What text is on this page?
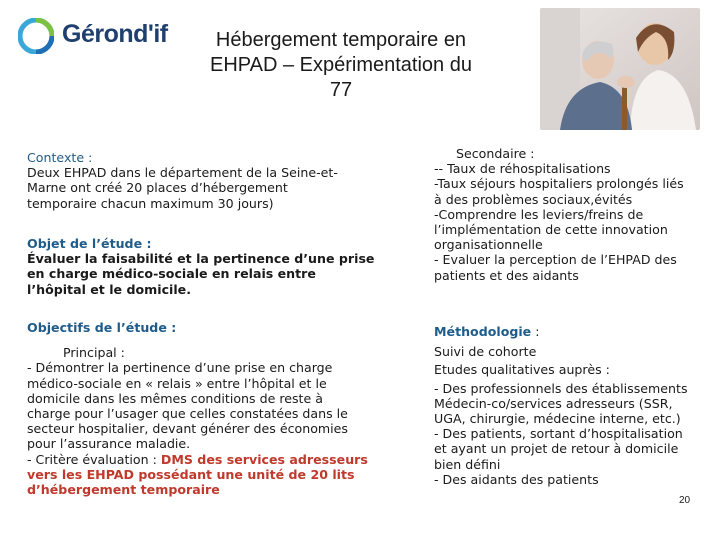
Gérond'if	Hébergement temporaire en
EHPAD – Expérimentation du
77
Contexte :
Deux EHPAD dans le département de la Seine-et-
Marne ont créé 20 places d’hébergement
temporaire chacun maximum 30 jours)
Objet de l’étude :
Évaluer la faisabilité et la pertinence d’une prise
en charge médico-sociale en relais entre
l’hôpital et le domicile.
Objectifs de l’étude :
Principal :
- Démontrer la pertinence d’une prise en charge
médico-sociale en « relais » entre l’hôpital et le
domicile dans les mêmes conditions de reste à
charge pour l’usager que celles constatées dans le
secteur hospitalier, devant générer des économies
pour l’assurance maladie.
- Critère évaluation : DMS des services adresseurs
vers les EHPAD possédant une unité de 20 lits
d’hébergement temporaire
Secondaire :
-- Taux de réhospitalisations
-Taux séjours hospitaliers prolongés liés
à des problèmes sociaux,évités
-Comprendre les leviers/freins de
l’implémentation de cette innovation
organisationnelle
- Evaluer la perception de l’EHPAD des
patients et des aidants
Méthodologie :
Suivi de cohorte
Etudes qualitatives auprès :
- Des professionnels des établissements
Médecin-co/services adresseurs (SSR,
UGA, chirurgie, médecine interne, etc.)
- Des patients, sortant d’hospitalisation
et ayant un projet de retour à domicile
bien défini
- Des aidants des patients
20
